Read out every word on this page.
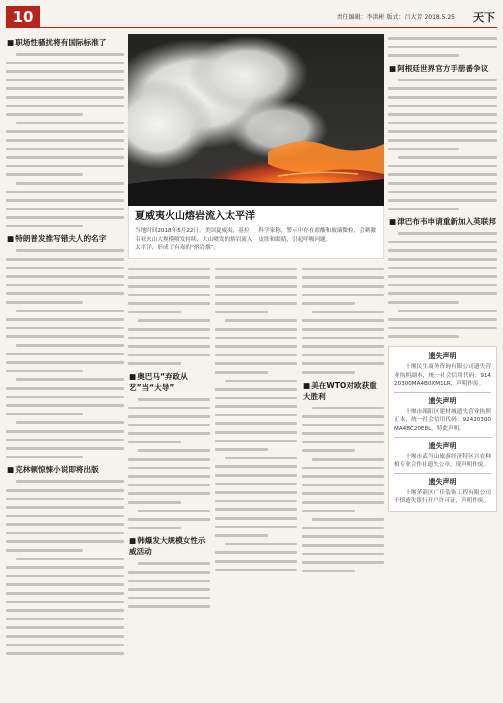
10	责任编辑：李洪彬 版式：吕大芳 2018.5.25 天下
■ 职场性骚扰将有国际标准了
■ 特朗普发推写错夫人的名字
■ 克林顿惊悚小说即将出版
夏威夷火山熔岩流入太平洋
当地时间2018年5月22日，美国夏威夷，基拉韦亚火山大规模喷发持续，大山喷发的熔岩流入太平洋，形成了有毒的“熔岩烟”。
科学家称，警示中存在盐酸和玻璃微粒，会刺激皮肤和眼睛，引起呼吸问题。
■ 奥巴马“弃政从艺”当“大导”
■ 韩爆发大规模女性示威活动
■ 美在WTO对欧获重大胜利
■ 阿根廷世界官方手册番争议
■ 津巴布韦申请重新加入英联邦
遗失声明
十堰民生商务咨询有限公司遗失营业执照副本，统一社会信用代码：91420300MA4B0XM1LR，声明作废。
遗失声明
十堰市郧阳区建材城遗失营业执照正本，统一社会信用代码：92420300MA4BC20E8L，特此声明。
遗失声明
十堰市武当山旅游经济特区兴农种植专业合作社遗失公章，现声明作废。
遗失声明
十堰茅箭区广佳装饰工程有限公司不慎遗失银行开户许可证，声明作废。
